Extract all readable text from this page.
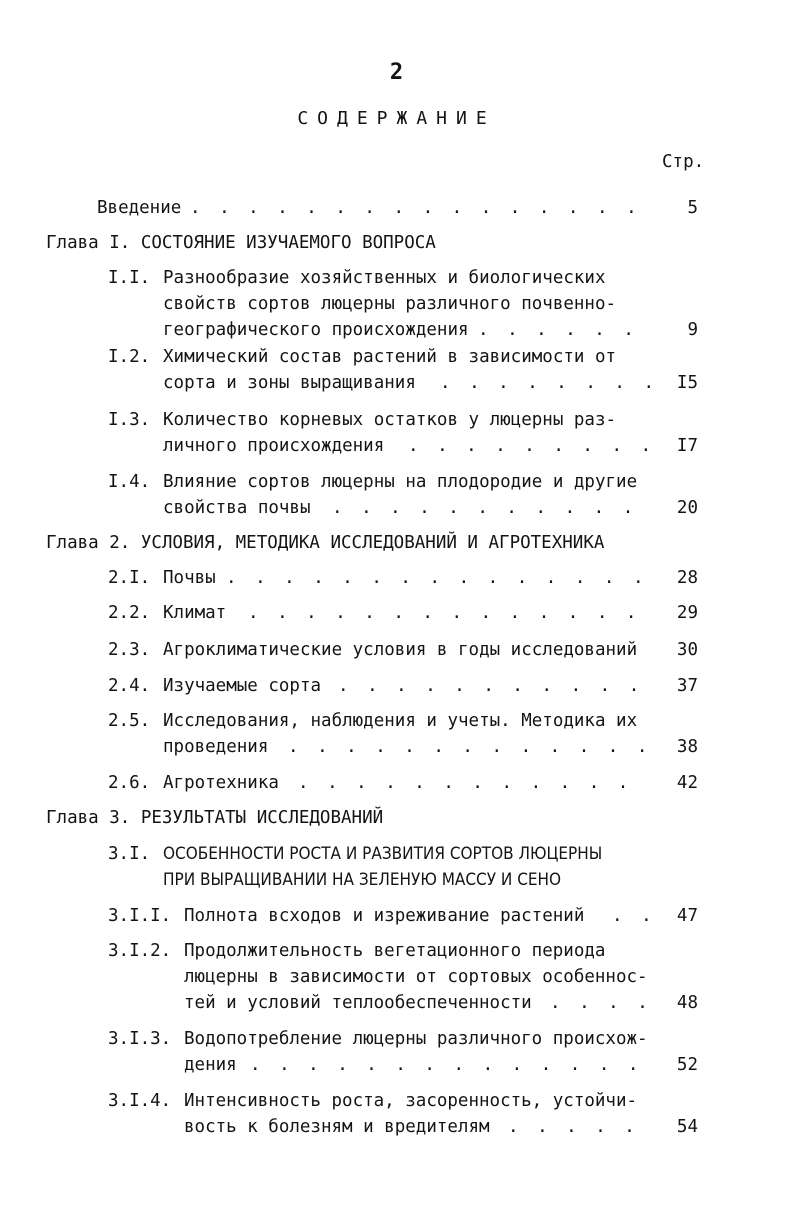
2
СОДЕРЖАНИЕ
Стр.
Введение . . . . . . . . . . . . . . . .	5
Глава I. СОСТОЯНИЕ ИЗУЧАЕМОГО ВОПРОСА
I.I. Разнообразие хозяйственных и биологических
свойств сортов люцерны различного почвенно-
географического происхождения . . . . . .	9
I.2. Химический состав растений в зависимости от
сорта и зоны выращивания . . . . . . . . I5
I.3. Количество корневых остатков у люцерны раз-
личного происхождения . . . . . . . . . I7
I.4. Влияние сортов люцерны на плодородие и другие
свойства почвы . . . . . . . . . . . 20
Глава 2. УСЛОВИЯ, МЕТОДИКА ИССЛЕДОВАНИЙ И АГРОТЕХНИКА
2.I. Почвы . . . . . . . . . . . . . . . 28
2.2. Климат . . . . . . . . . . . . . . 29
2.3. Агроклиматические условия в годы исследований 30
2.4. Изучаемые сорта . . . . . . . . . . . 37
2.5. Исследования, наблюдения и учеты. Методика их
проведения . . . . . . . . . . . . . 38
2.6. Агротехника . . . . . . . . . . . .	42
Глава 3. РЕЗУЛЬТАТЫ ИССЛЕДОВАНИЙ
3.I. ОСОБЕННОСТИ РОСТА И РАЗВИТИЯ СОРТОВ ЛЮЦЕРНЫ
ПРИ ВЫРАЩИВАНИИ НА ЗЕЛЕНУЮ МАССУ И СЕНО
3.I.I. Полнота всходов и изреживание растений . . 47
3.I.2. Продолжительность вегетационного периода
люцерны в зависимости от сортовых особеннос-
тей и условий теплообеспеченности . . . . 48
3.I.3. Водопотребление люцерны различного происхож-
дения . . . . . . . . . . . . . . 52
3.I.4. Интенсивность роста, засоренность, устойчи-
вость к болезням и вредителям . . . . . 54
